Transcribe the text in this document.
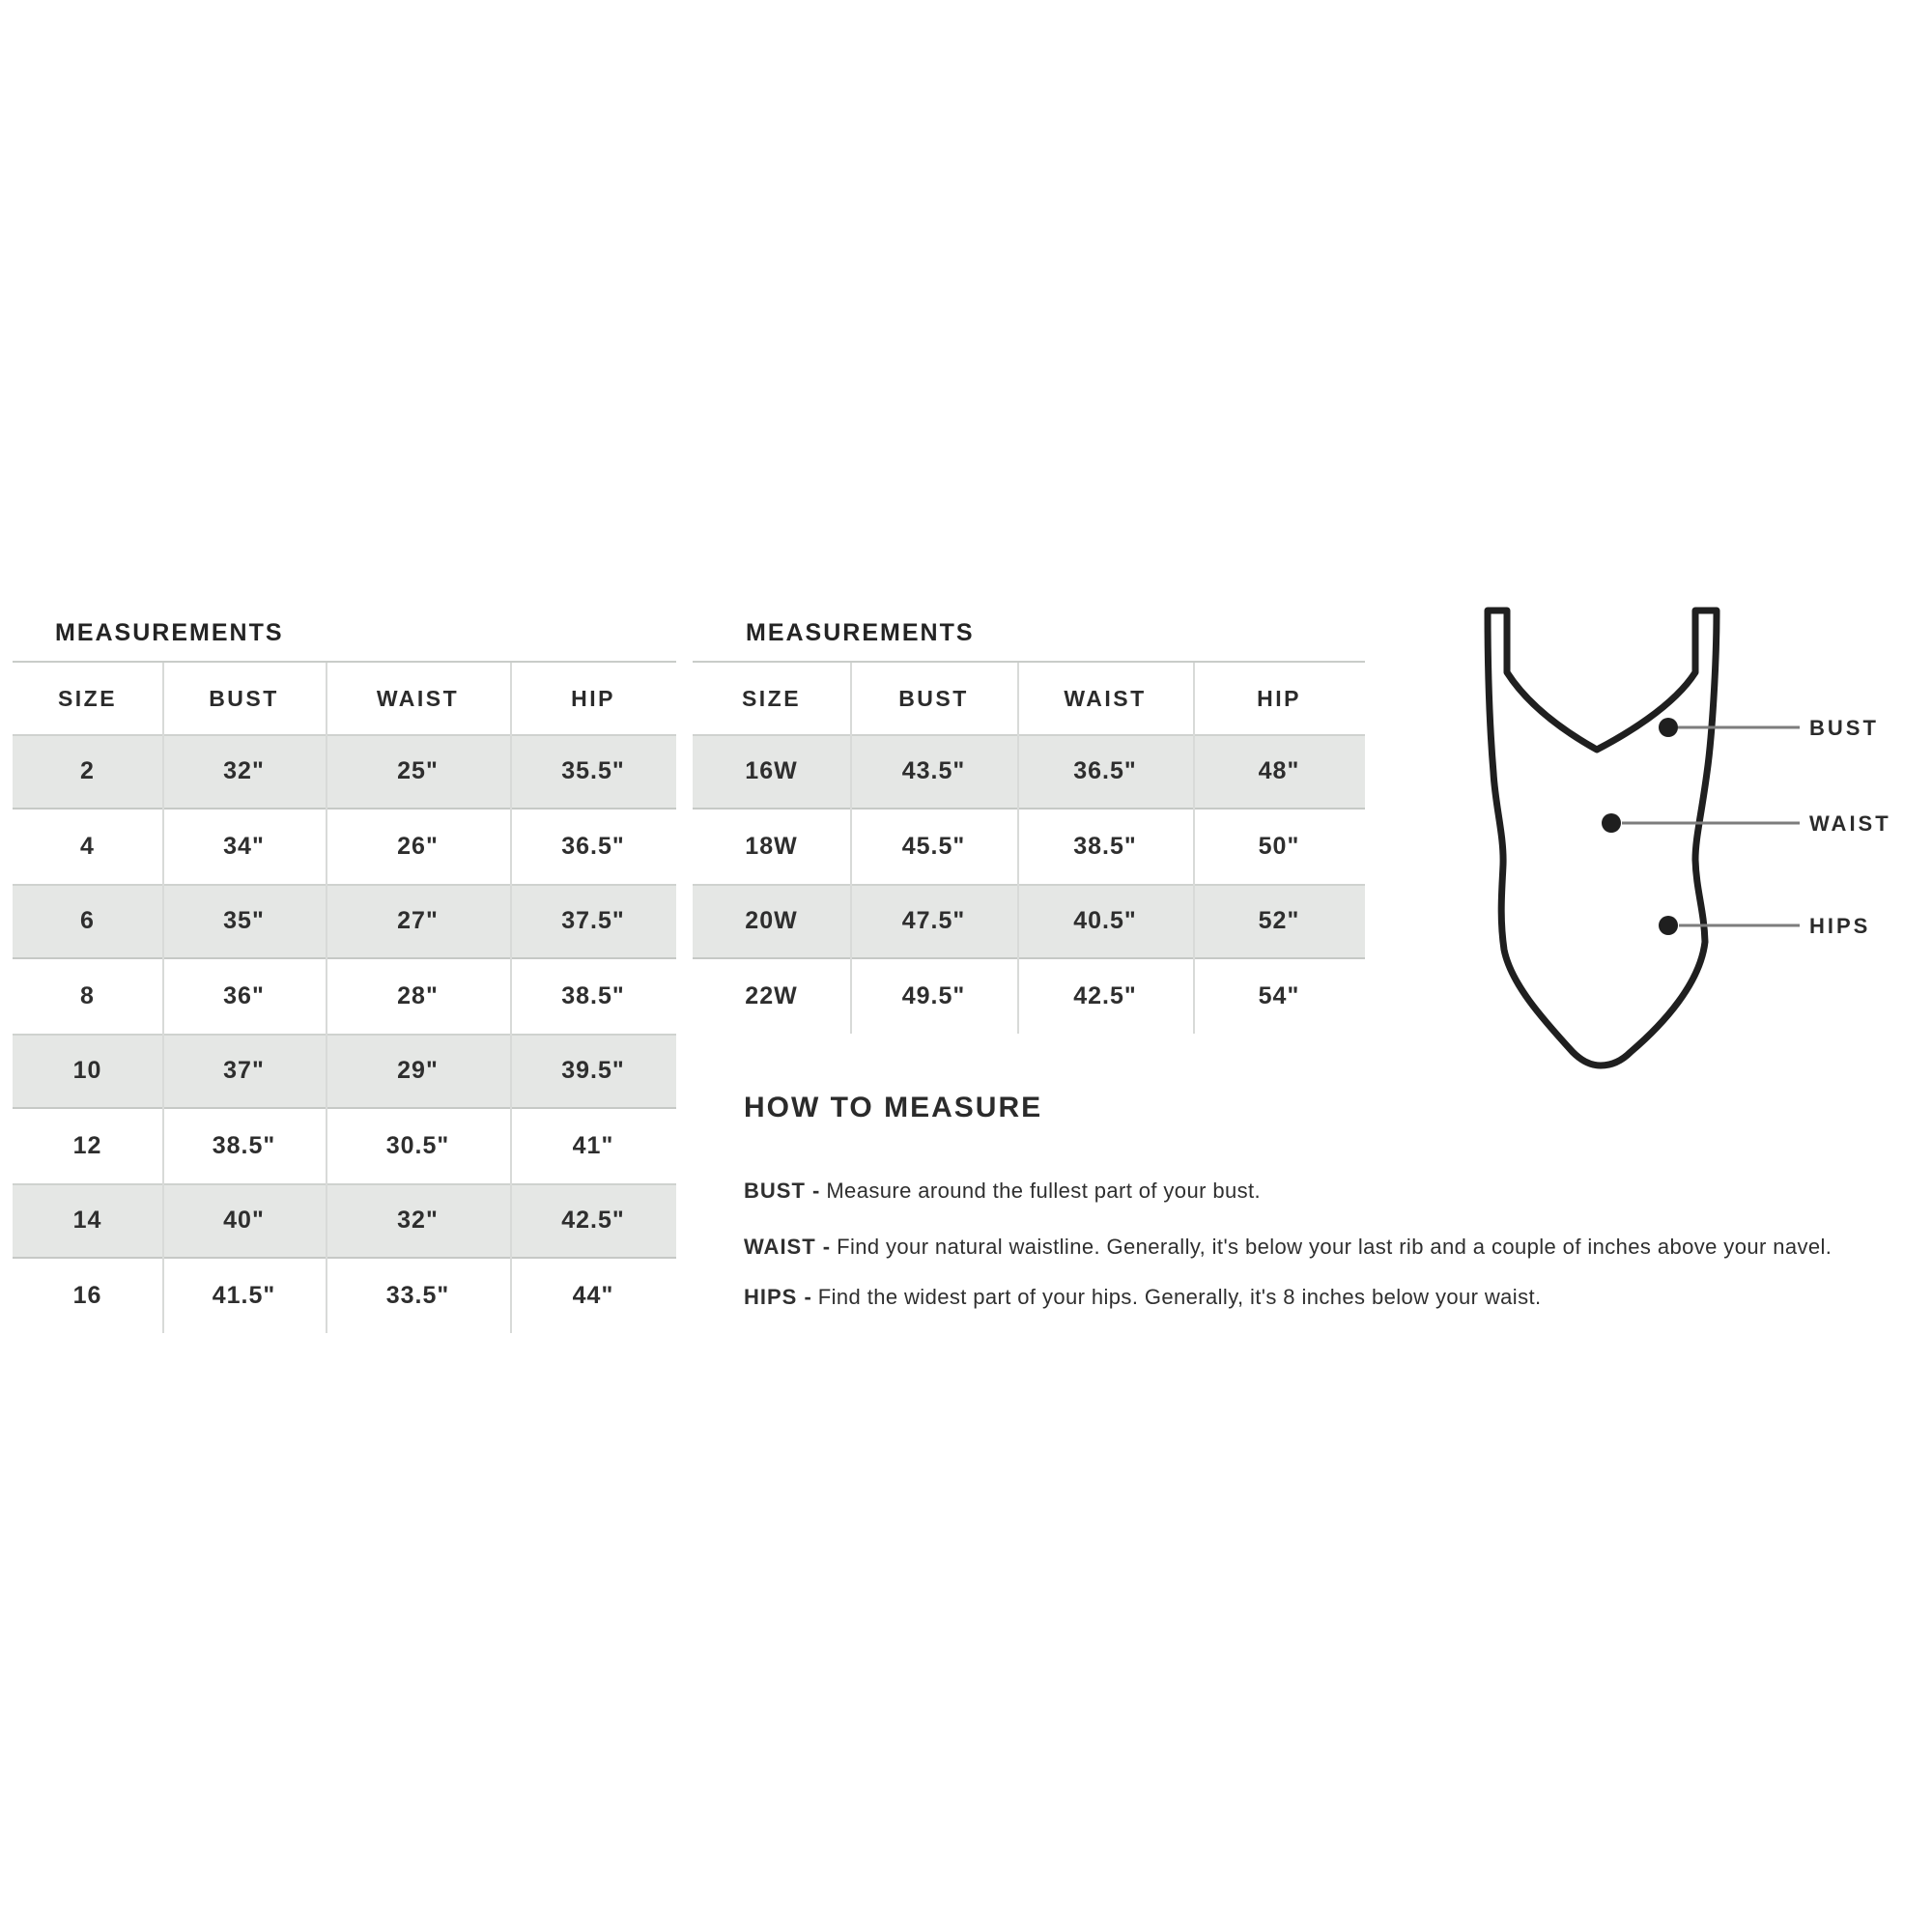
MEASUREMENTS
SIZE	BUST	WAIST	HIP
2	32"	25"	35.5"
4	34"	26"	36.5"
6	35"	27"	37.5"
8	36"	28"	38.5"
10	37"	29"	39.5"
12	38.5"	30.5"	41"
14	40"	32"	42.5"
16	41.5"	33.5"	44"
MEASUREMENTS
SIZE	BUST	WAIST	HIP
16W	43.5"	36.5"	48"
18W	45.5"	38.5"	50"
20W	47.5"	40.5"	52"
22W	49.5"	42.5"	54"
HOW TO MEASURE
BUST - Measure around the fullest part of your bust.
WAIST - Find your natural waistline. Generally, it's below your last rib and a couple of inches above your navel.
HIPS - Find the widest part of your hips. Generally, it's 8 inches below your waist.
BUST
WAIST
HIPS
